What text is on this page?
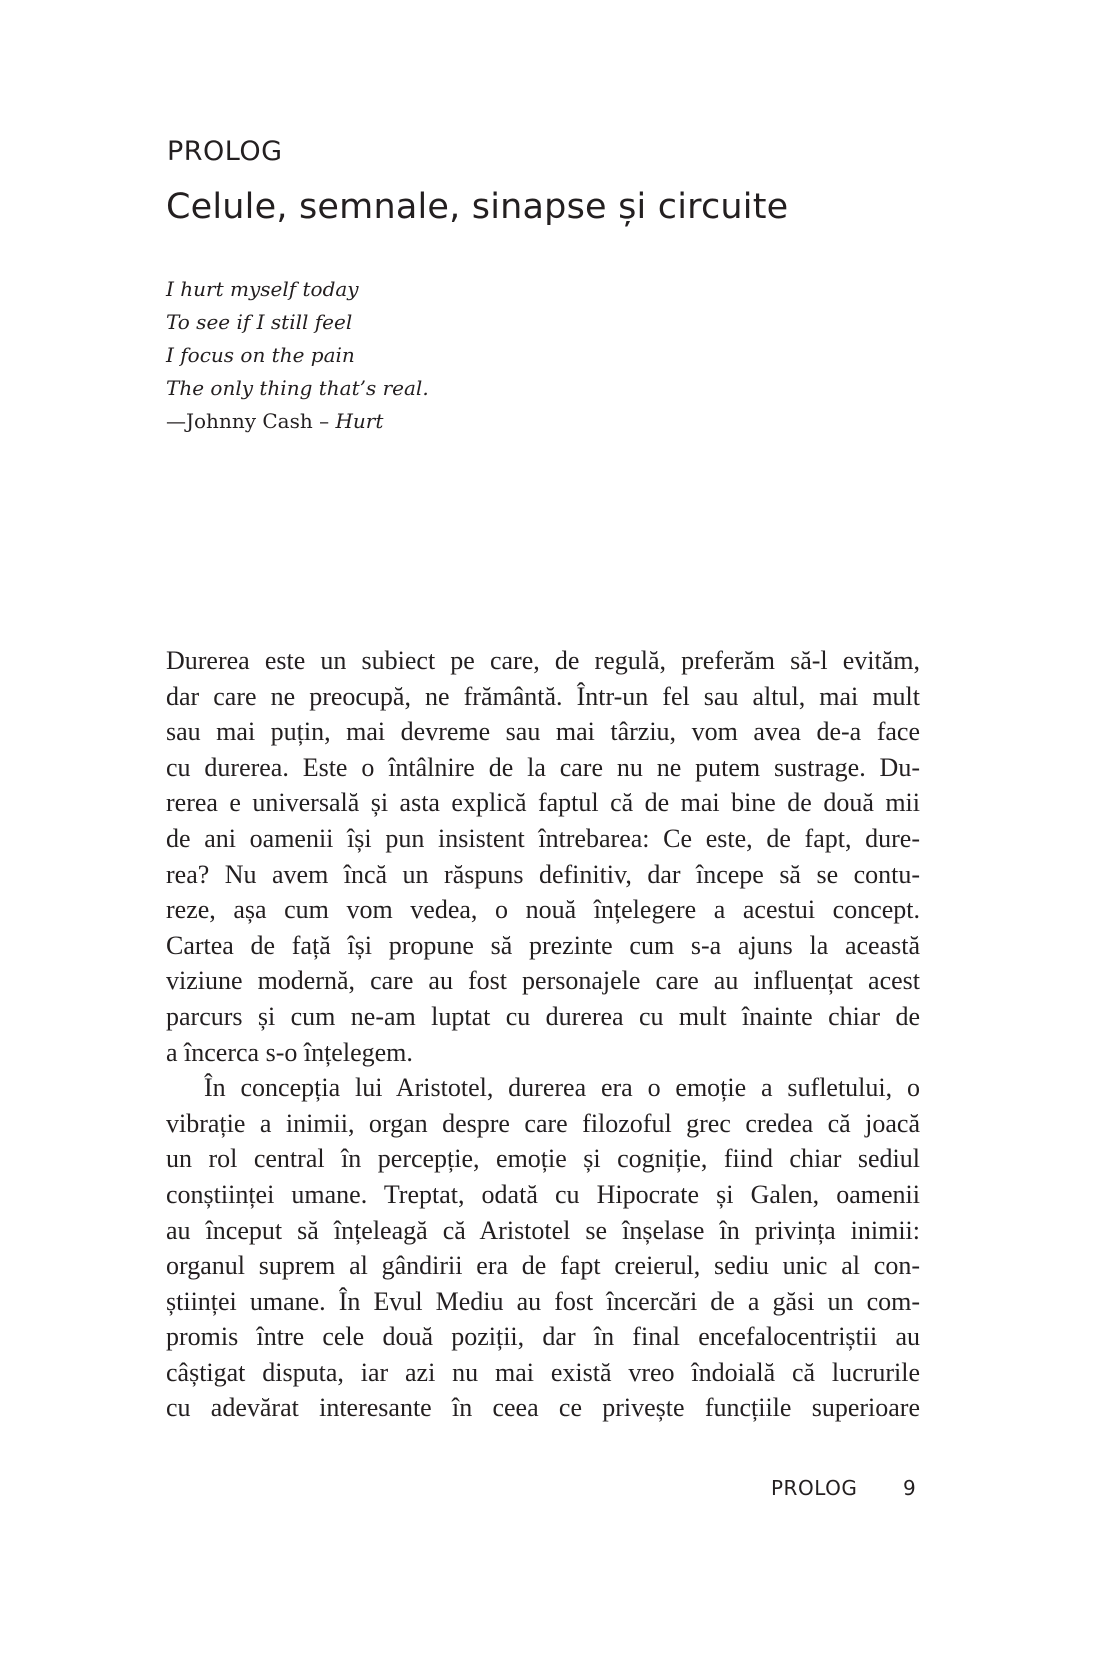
PROLOG
Celule, semnale, sinapse și circuite
I hurt myself today
To see if I still feel
I focus on the pain
The only thing that’s real.
—Johnny Cash – Hurt
Durerea este un subiect pe care, de regulă, preferăm să-l evităm,
dar care ne preocupă, ne frământă. Într-un fel sau altul, mai mult
sau mai puțin, mai devreme sau mai târziu, vom avea de-a face
cu durerea. Este o întâlnire de la care nu ne putem sustrage. Du-
rerea e universală și asta explică faptul că de mai bine de două mii
de ani oamenii își pun insistent întrebarea: Ce este, de fapt, dure-
rea? Nu avem încă un răspuns definitiv, dar începe să se contu-
reze, așa cum vom vedea, o nouă înțelegere a acestui concept.
Cartea de față își propune să prezinte cum s-a ajuns la această
viziune modernă, care au fost personajele care au influențat acest
parcurs și cum ne-am luptat cu durerea cu mult înainte chiar de
a încerca s-o înțelegem.
În concepția lui Aristotel, durerea era o emoție a sufletului, o
vibrație a inimii, organ despre care filozoful grec credea că joacă
un rol central în percepție, emoție și cogniție, fiind chiar sediul
conștiinței umane. Treptat, odată cu Hipocrate și Galen, oamenii
au început să înțeleagă că Aristotel se înșelase în privința inimii:
organul suprem al gândirii era de fapt creierul, sediu unic al con-
științei umane. În Evul Mediu au fost încercări de a găsi un com-
promis între cele două poziții, dar în final encefalocentriștii au
câștigat disputa, iar azi nu mai există vreo îndoială că lucrurile
cu adevărat interesante în ceea ce privește funcțiile superioare
PROLOG 9
